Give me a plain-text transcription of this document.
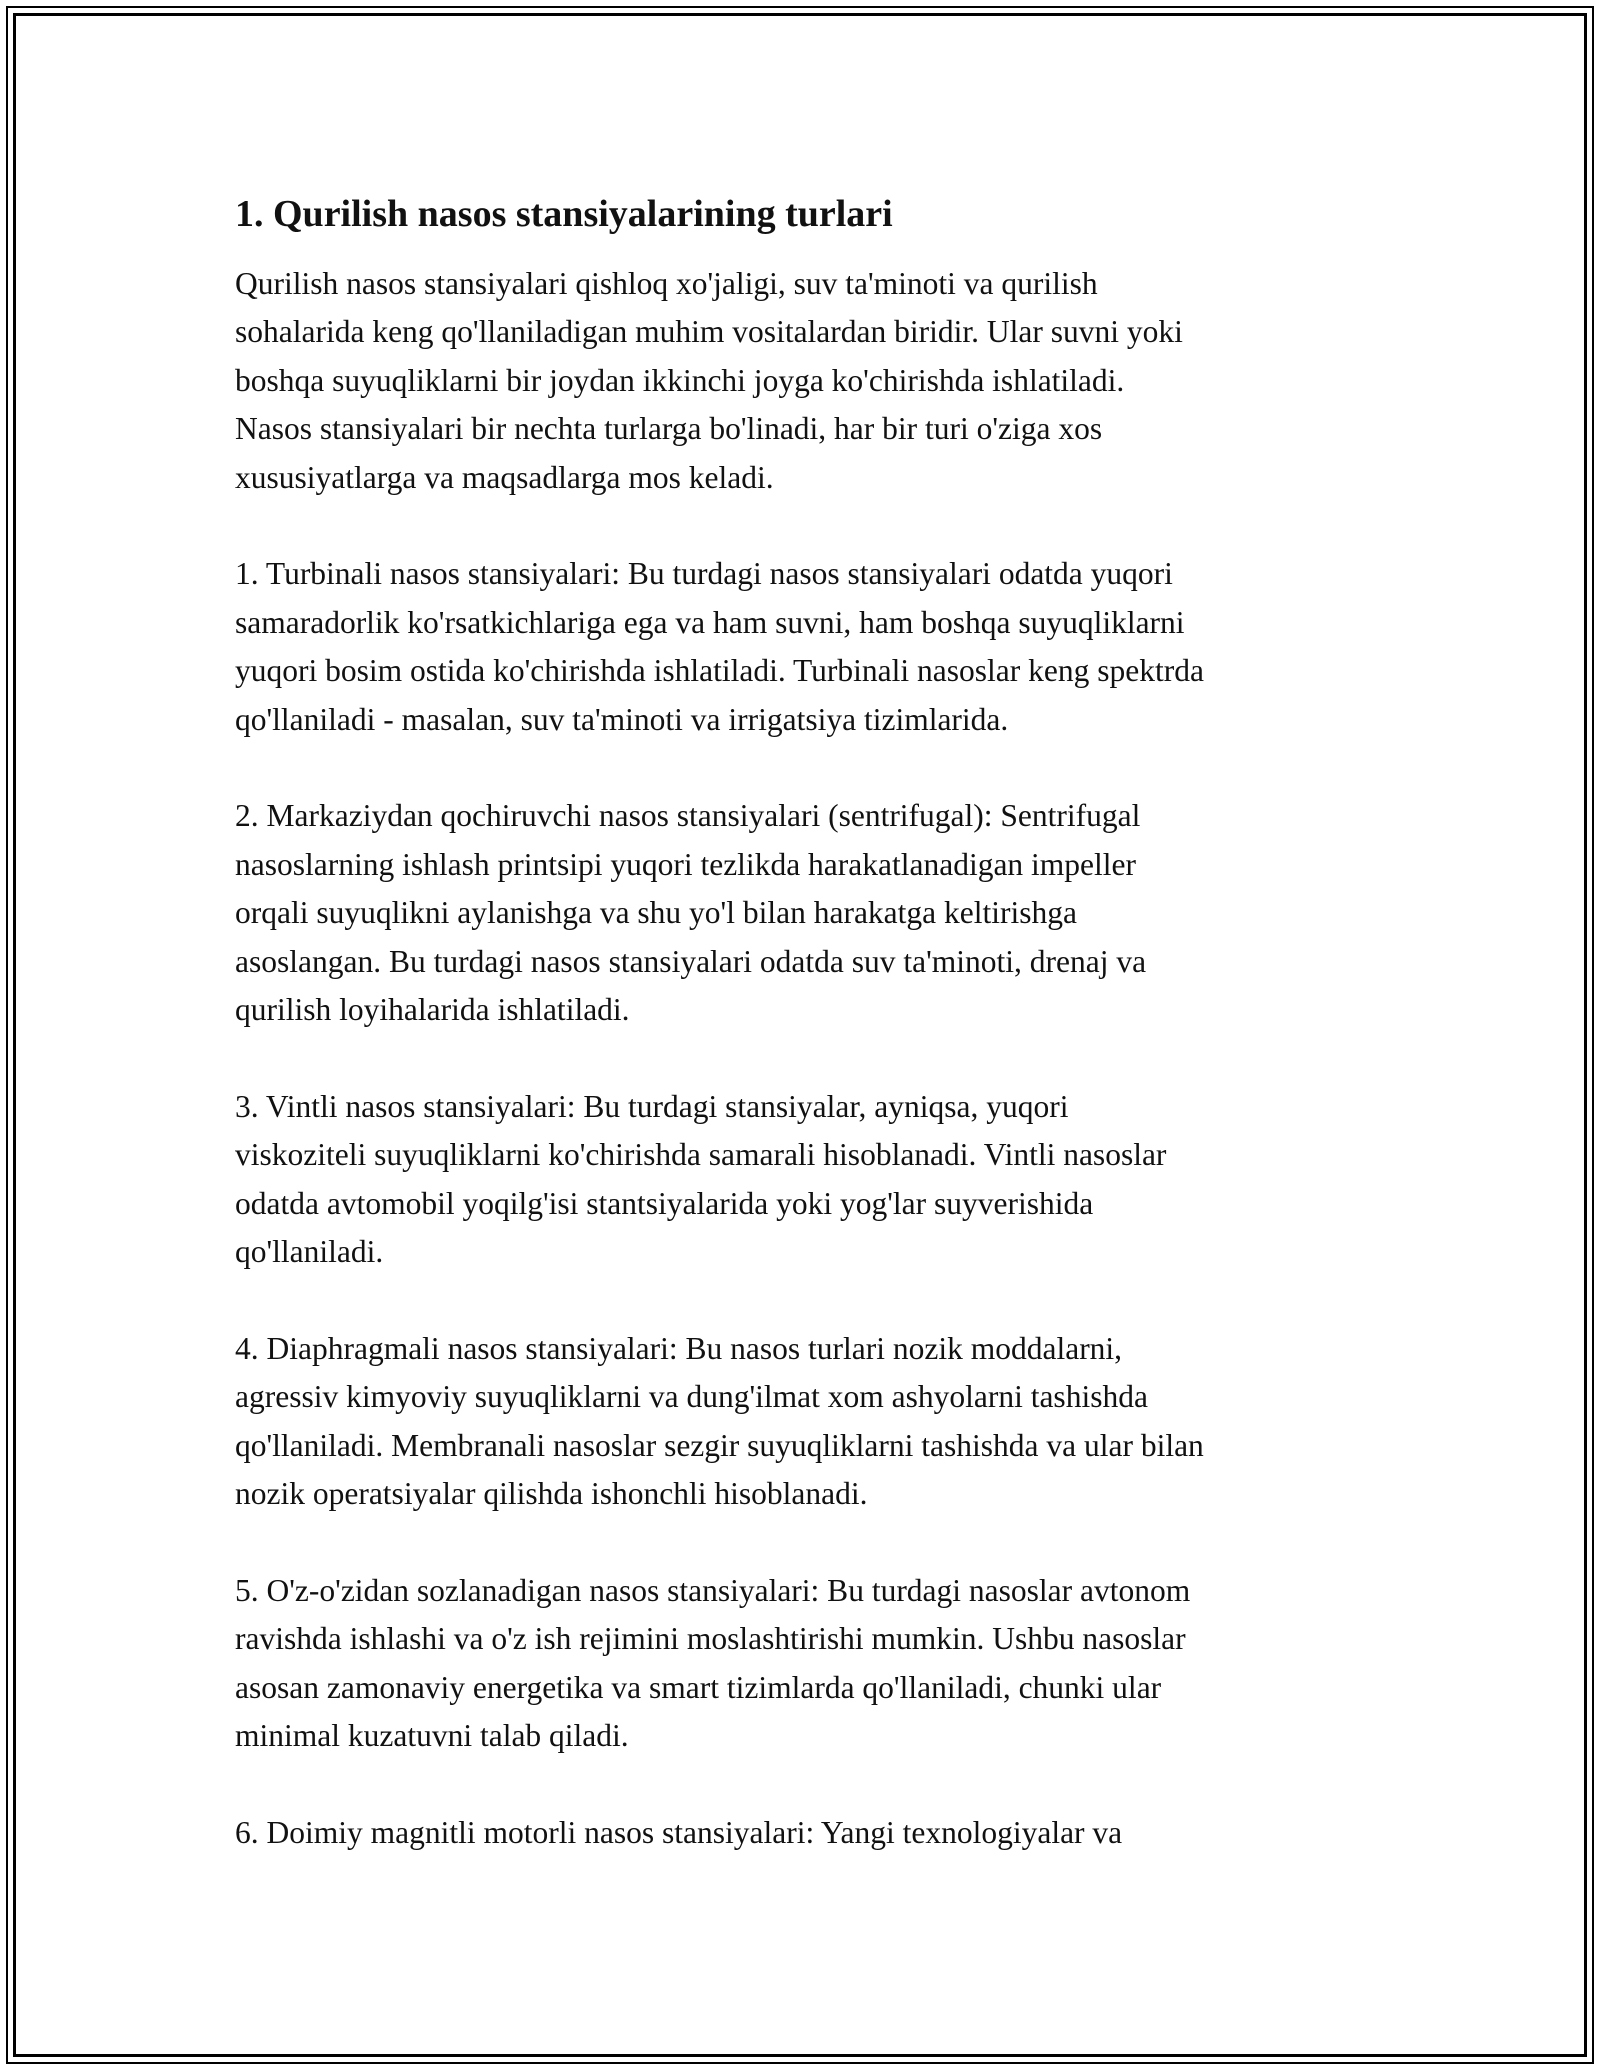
1. Qurilish nasos stansiyalarining turlari

Qurilish nasos stansiyalari qishloq xo'jaligi, suv ta'minoti va qurilish
sohalarida keng qo'llaniladigan muhim vositalardan biridir. Ular suvni yoki
boshqa suyuqliklarni bir joydan ikkinchi joyga ko'chirishda ishlatiladi.
Nasos stansiyalari bir nechta turlarga bo'linadi, har bir turi o'ziga xos
xususiyatlarga va maqsadlarga mos keladi.

1. Turbinali nasos stansiyalari: Bu turdagi nasos stansiyalari odatda yuqori
samaradorlik ko'rsatkichlariga ega va ham suvni, ham boshqa suyuqliklarni
yuqori bosim ostida ko'chirishda ishlatiladi. Turbinali nasoslar keng spektrda
qo'llaniladi - masalan, suv ta'minoti va irrigatsiya tizimlarida.

2. Markaziydan qochiruvchi nasos stansiyalari (sentrifugal): Sentrifugal
nasoslarning ishlash printsipi yuqori tezlikda harakatlanadigan impeller
orqali suyuqlikni aylanishga va shu yo'l bilan harakatga keltirishga
asoslangan. Bu turdagi nasos stansiyalari odatda suv ta'minoti, drenaj va
qurilish loyihalarida ishlatiladi.

3. Vintli nasos stansiyalari: Bu turdagi stansiyalar, ayniqsa, yuqori
viskoziteli suyuqliklarni ko'chirishda samarali hisoblanadi. Vintli nasoslar
odatda avtomobil yoqilg'isi stantsiyalarida yoki yog'lar suyverishida
qo'llaniladi.

4. Diaphragmali nasos stansiyalari: Bu nasos turlari nozik moddalarni,
agressiv kimyoviy suyuqliklarni va dung'ilmat xom ashyolarni tashishda
qo'llaniladi. Membranali nasoslar sezgir suyuqliklarni tashishda va ular bilan
nozik operatsiyalar qilishda ishonchli hisoblanadi.

5. O'z-o'zidan sozlanadigan nasos stansiyalari: Bu turdagi nasoslar avtonom
ravishda ishlashi va o'z ish rejimini moslashtirishi mumkin. Ushbu nasoslar
asosan zamonaviy energetika va smart tizimlarda qo'llaniladi, chunki ular
minimal kuzatuvni talab qiladi.

6. Doimiy magnitli motorli nasos stansiyalari: Yangi texnologiyalar va
